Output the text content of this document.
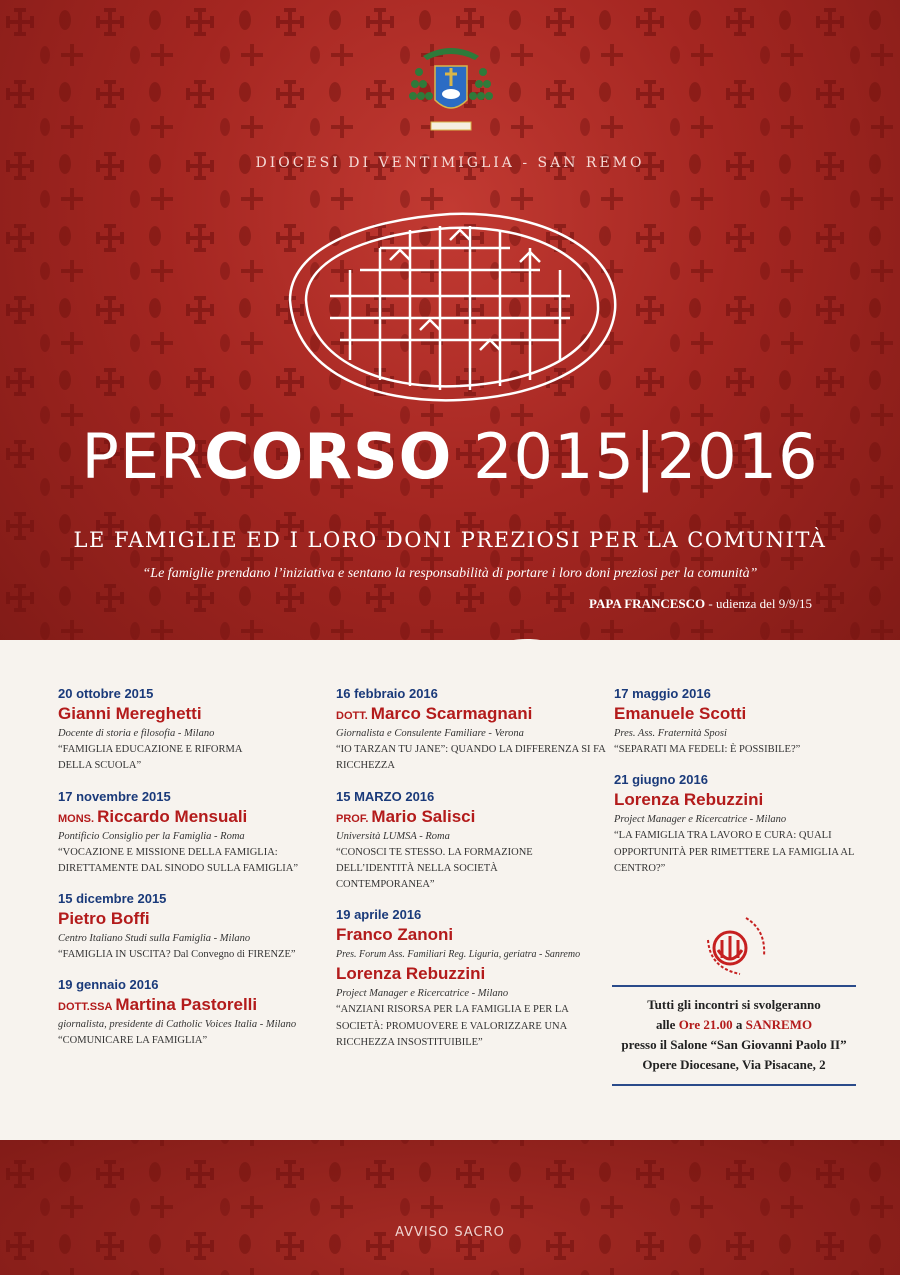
DIOCESI DI VENTIMIGLIA - SAN REMO
PERCORSO 2015|2016
LE FAMIGLIE ED I LORO DONI PREZIOSI PER LA COMUNITÀ
“Le famiglie prendano l’iniziativa e sentano la responsabilità di portare i loro doni preziosi per la comunità”
PAPA FRANCESCO - udienza del 9/9/15
20 ottobre 2015
Gianni Mereghetti
Docente di storia e filosofia - Milano
“FAMIGLIA EDUCAZIONE E RIFORMA DELLA SCUOLA”
17 novembre 2015
MONS. Riccardo Mensuali
Pontificio Consiglio per la Famiglia - Roma
“VOCAZIONE E MISSIONE DELLA FAMIGLIA: DIRETTAMENTE DAL SINODO SULLA FAMIGLIA”
15 dicembre 2015
Pietro Boffi
Centro Italiano Studi sulla Famiglia - Milano
“FAMIGLIA IN USCITA? Dal Convegno di FIRENZE”
19 gennaio 2016
DOTT.SSA Martina Pastorelli
giornalista, presidente di Catholic Voices Italia - Milano
“COMUNICARE LA FAMIGLIA”
16 febbraio 2016
DOTT. Marco Scarmagnani
Giornalista e Consulente Familiare - Verona
“IO TARZAN TU JANE”: QUANDO LA DIFFERENZA SI FA RICCHEZZA
15 MARZO 2016
PROF. Mario Salisci
Università LUMSA - Roma
“CONOSCI TE STESSO. LA FORMAZIONE DELL’IDENTITÀ NELLA SOCIETÀ CONTEMPORANEA”
19 aprile 2016
Franco Zanoni
Pres. Forum Ass. Familiari Reg. Liguria, geriatra - Sanremo
Lorenza Rebuzzini
Project Manager e Ricercatrice - Milano
“ANZIANI RISORSA PER LA FAMIGLIA E PER LA SOCIETÀ: PROMUOVERE E VALORIZZARE UNA RICCHEZZA INSOSTITUIBILE”
17 maggio 2016
Emanuele Scotti
Pres. Ass. Fraternità Sposi
“SEPARATI MA FEDELI: È POSSIBILE?”
21 giugno 2016
Lorenza Rebuzzini
Project Manager e Ricercatrice - Milano
“LA FAMIGLIA TRA LAVORO E CURA: QUALI OPPORTUNITÀ PER RIMETTERE LA FAMIGLIA AL CENTRO?”
Tutti gli incontri si svolgeranno
alle Ore 21.00 a SANREMO
presso il Salone “San Giovanni Paolo II”
Opere Diocesane, Via Pisacane, 2
AVVISO SACRO
